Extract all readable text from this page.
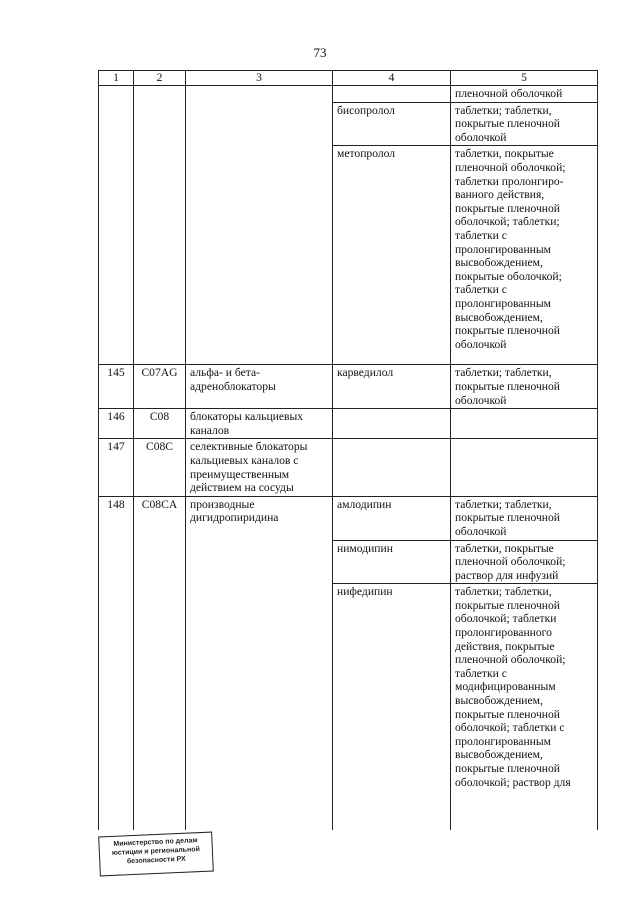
73
1	2	3	4	5
				пленочной оболочкой
			бисопролол	таблетки; таблетки, покрытые пленочной оболочкой
			метопролол	таблетки, покрытые пленочной оболочкой; таблетки пролонгиро-ванного действия, покрытые пленочной оболочкой; таблетки; таблетки с пролонгированным высвобождением, покрытые оболочкой; таблетки с пролонгированным высвобождением, покрытые пленочной оболочкой
145	C07AG	альфа- и бета-адреноблокаторы	карведилол	таблетки; таблетки, покрытые пленочной оболочкой
146	C08	блокаторы кальциевых каналов		
147	C08C	селективные блокаторы кальциевых каналов с преимущественным действием на сосуды		
148	C08CA	производные дигидропиридина	амлодипин	таблетки; таблетки, покрытые пленочной оболочкой
			нимодипин	таблетки, покрытые пленочной оболочкой; раствор для инфузий
			нифедипин	таблетки; таблетки, покрытые пленочной оболочкой; таблетки пролонгированного действия, покрытые пленочной оболочкой; таблетки с модифицированным высвобождением, покрытые пленочной оболочкой; таблетки с пролонгированным высвобождением, покрытые пленочной оболочкой; раствор для
Министерство по делам
юстиции и региональной
безопасности РХ
